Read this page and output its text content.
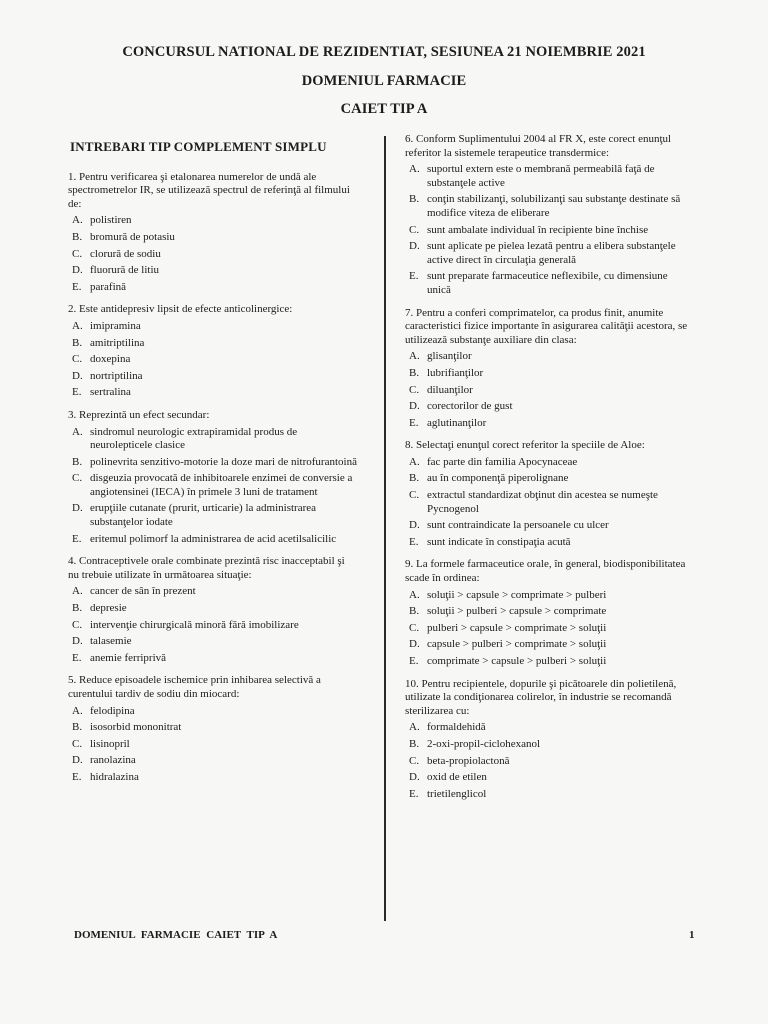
CONCURSUL NATIONAL DE REZIDENTIAT, SESIUNEA 21 NOIEMBRIE 2021
DOMENIUL FARMACIE
CAIET TIP A
INTREBARI TIP COMPLEMENT SIMPLU

1. Pentru verificarea şi etalonarea numerelor de undă ale spectrometrelor IR, se utilizează spectrul de referinţă al filmului de:

A. polistiren
B. bromură de potasiu
C. clorură de sodiu
D. fluorură de litiu
E. parafină

2. Este antidepresiv lipsit de efecte anticolinergice:

A. imipramina
B. amitriptilina
C. doxepina
D. nortriptilina
E. sertralina

3. Reprezintă un efect secundar:

A. sindromul neurologic extrapiramidal produs de neurolepticele clasice
B. polinevrita senzitivo-motorie la doze mari de nitrofurantoină
C. disgeuzia provocată de inhibitoarele enzimei de conversie a angiotensinei (IECA) în primele 3 luni de tratament
D. erupţiile cutanate (prurit, urticarie) la administrarea substanţelor iodate
E. eritemul polimorf la administrarea de acid acetilsalicilic

4. Contraceptivele orale combinate prezintă risc inacceptabil şi nu trebuie utilizate în următoarea situaţie:

A. cancer de sân în prezent
B. depresie
C. intervenţie chirurgicală minoră fără imobilizare
D. talasemie
E. anemie ferriprivă

5. Reduce episoadele ischemice prin inhibarea selectivă a curentului tardiv de sodiu din miocard:

A. felodipina
B. isosorbid mononitrat
C. lisinopril
D. ranolazina
E. hidralazina

6. Conform Suplimentului 2004 al FR X, este corect enunţul referitor la sistemele terapeutice transdermice:

A. suportul extern este o membrană permeabilă faţă de substanţele active
B. conţin stabilizanţi, solubilizanţi sau substanţe destinate să modifice viteza de eliberare
C. sunt ambalate individual în recipiente bine închise
D. sunt aplicate pe pielea lezată pentru a elibera substanţele active direct în circulaţia generală
E. sunt preparate farmaceutice neflexibile, cu dimensiune unică

7. Pentru a conferi comprimatelor, ca produs finit, anumite caracteristici fizice importante în asigurarea calităţii acestora, se utilizează substanţe auxiliare din clasa:

A. glisanţilor
B. lubrifianţilor
C. diluanţilor
D. corectorilor de gust
E. aglutinanţilor

8. Selectaţi enunţul corect referitor la speciile de Aloe:

A. fac parte din familia Apocynaceae
B. au în componenţă piperolignane
C. extractul standardizat obţinut din acestea se numeşte Pycnogenol
D. sunt contraindicate la persoanele cu ulcer
E. sunt indicate în constipaţia acută

9. La formele farmaceutice orale, în general, biodisponibilitatea scade în ordinea:

A. soluţii > capsule > comprimate > pulberi
B. soluţii > pulberi > capsule > comprimate
C. pulberi > capsule > comprimate > soluţii
D. capsule > pulberi > comprimate > soluţii
E. comprimate > capsule > pulberi > soluţii

10. Pentru recipientele, dopurile şi picătoarele din polietilenă, utilizate la condiţionarea colirelor, în industrie se recomandă sterilizarea cu:

A. formaldehidă
B. 2-oxi-propil-ciclohexanol
C. beta-propiolactonă
D. oxid de etilen
E. trietilenglicol
DOMENIUL FARMACIE CAIET TIP A	1
